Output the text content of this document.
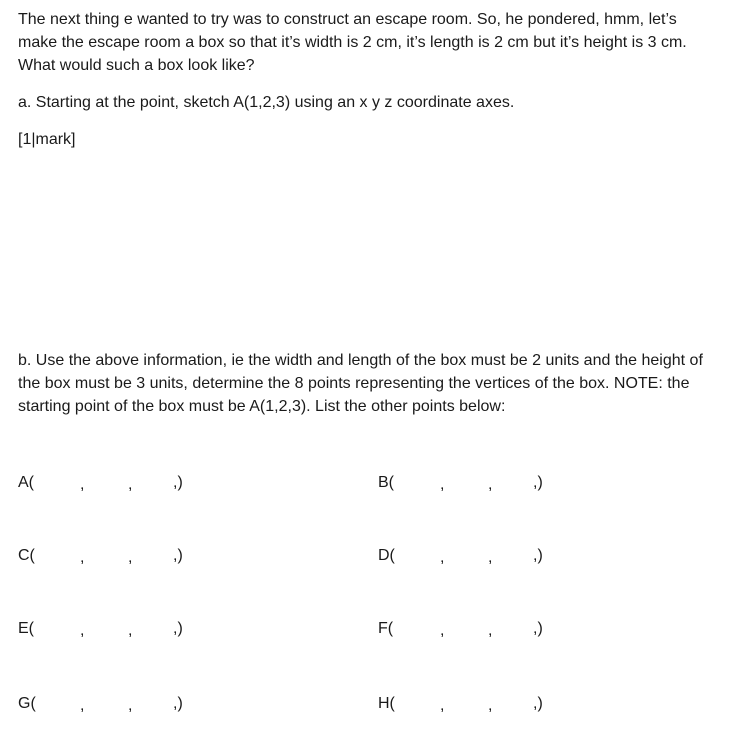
The next thing e wanted to try was to construct an escape room. So, he pondered, hmm, let’s make the escape room a box so that it’s width is 2 cm, it’s length is 2 cm but it’s height is 3 cm. What would such a box look like?

a. Starting at the point, sketch A(1,2,3) using an x y z coordinate axes.

[1|mark]

b. Use the above information, ie the width and length of the box must be 2 units and the height of the box must be 3 units, determine the 8 points representing the vertices of the box. NOTE: the starting point of the box must be A(1,2,3). List the other points below:

A(	,	,	,)	B(	,	,	,)
C(	,	,	,)	D(	,	,	,)
E(	,	,	,)	F(	,	,	,)
G(	,	,	,)	H(	,	,	,)
